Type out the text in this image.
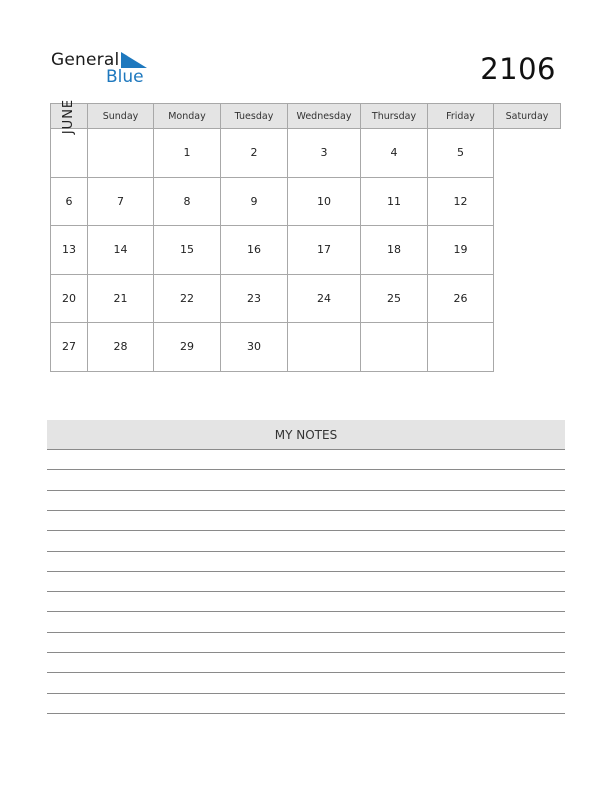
General
Blue	2106
JUNE	Sunday	Monday	Tuesday	Wednesday	Thursday	Friday	Saturday
		1	2	3	4	5	
6	7	8	9	10	11	12	
13	14	15	16	17	18	19	
20	21	22	23	24	25	26	
27	28	29	30				
MY NOTES
